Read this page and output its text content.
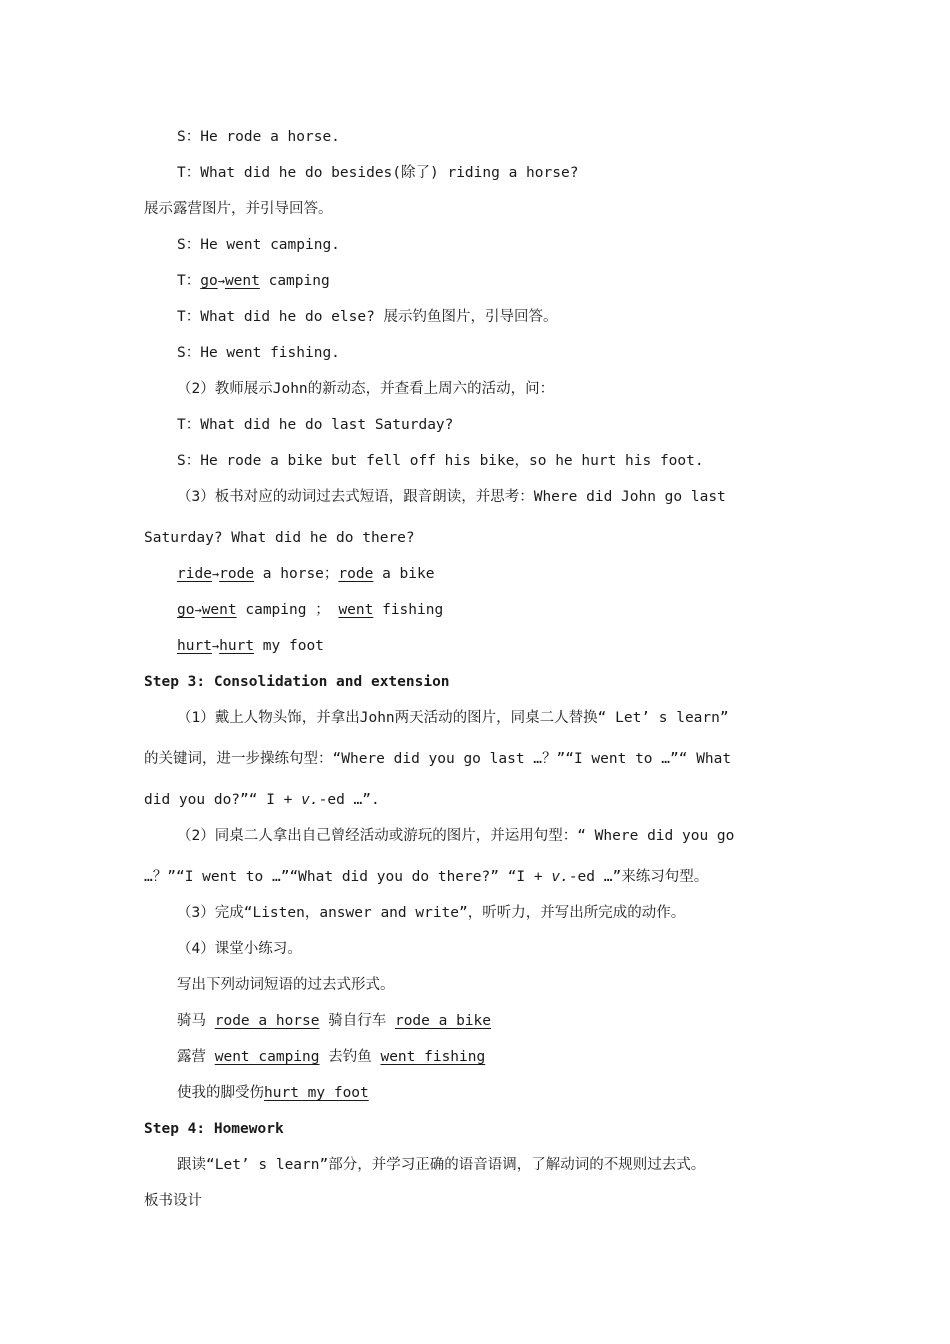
S：He rode a horse.
T：What did he do besides(除了) riding a horse?
展示露营图片，并引导回答。
S：He went camping.
T：go→went camping
T：What did he do else? 展示钓鱼图片，引导回答。
S：He went fishing.
（2）教师展示John的新动态，并查看上周六的活动，问：
T：What did he do last Saturday?
S：He rode a bike but fell off his bike，so he hurt his foot.
（3）板书对应的动词过去式短语，跟音朗读，并思考：Where did John go last
Saturday? What did he do there?
ride→rode a horse；rode a bike
go→went camping ； went fishing
hurt→hurt my foot
Step 3: Consolidation and extension
（1）戴上人物头饰，并拿出John两天活动的图片，同桌二人替换“ Let’ s learn”
的关键词，进一步操练句型：“Where did you go last …？”“I went to …”“ What
did you do?”“ I + v.-ed …”.
（2）同桌二人拿出自己曾经活动或游玩的图片，并运用句型：“ Where did you go
…？”“I went to …”“What did you do there?” “I + v.-ed …”来练习句型。
（3）完成“Listen，answer and write”，听听力，并写出所完成的动作。
（4）课堂小练习。
写出下列动词短语的过去式形式。
骑马 rode a horse 骑自行车 rode a bike
露营 went camping 去钓鱼 went fishing
使我的脚受伤hurt my foot
Step 4: Homework
跟读“Let’ s learn”部分，并学习正确的语音语调，了解动词的不规则过去式。
板书设计
